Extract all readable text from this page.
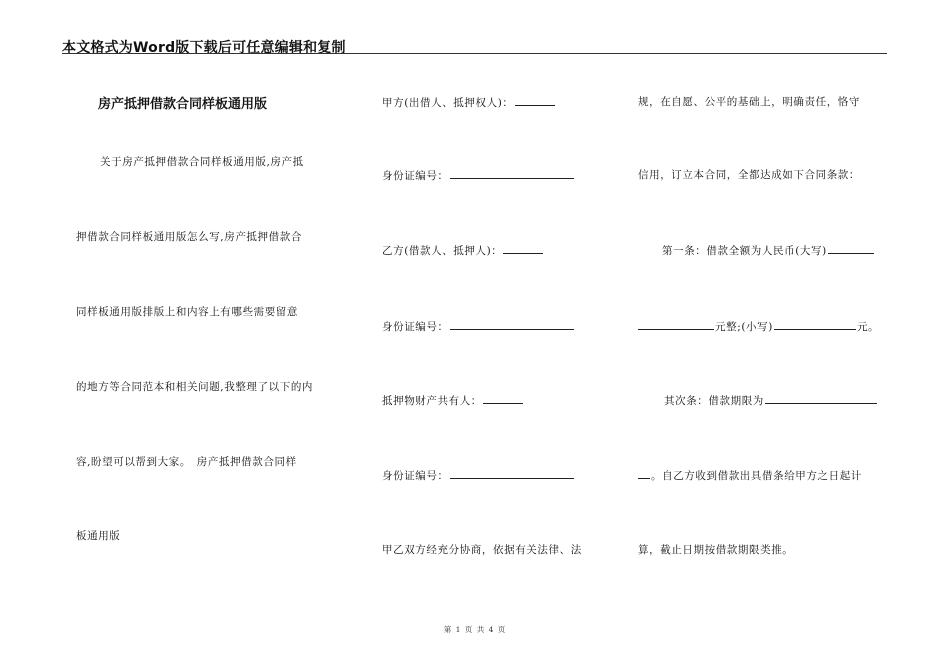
本文格式为Word版下载后可任意编辑和复制
房产抵押借款合同样板通用版
关于房产抵押借款合同样板通用版,房产抵
押借款合同样板通用版怎么写,房产抵押借款合
同样板通用版排版上和内容上有哪些需要留意
的地方等合同范本和相关问题,我整理了以下的内
容,盼望可以帮到大家。　房产抵押借款合同样
板通用版
甲方(出借人、抵押权人)：
身份证编号：
乙方(借款人、抵押人)：
身份证编号：
抵押物财产共有人：
身份证编号：
甲乙双方经充分协商，依据有关法律、法
规，在自愿、公平的基础上，明确责任，恪守
信用，订立本合同，全都达成如下合同条款：
第一条：借款全额为人民币(大写)
元整;(小写)	元。
其次条：借款期限为
。自乙方收到借款出具借条给甲方之日起计
算，截止日期按借款期限类推。
第 1 页 共 4 页
